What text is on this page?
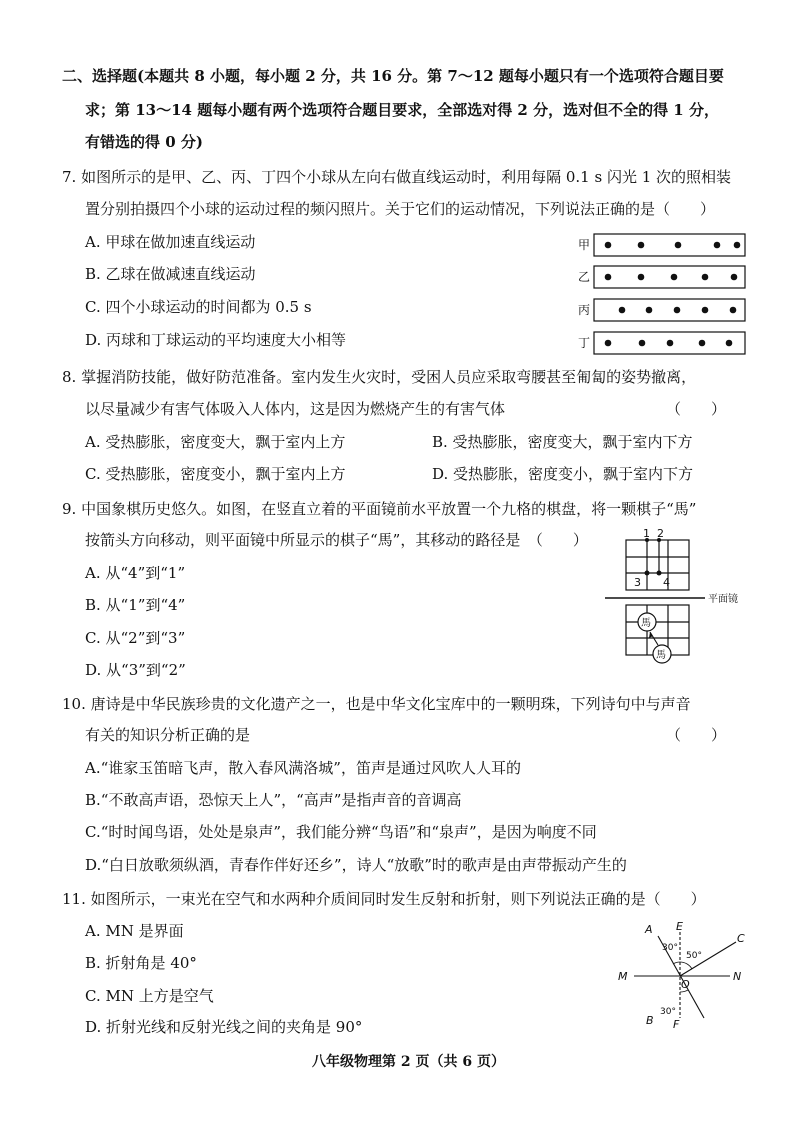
二、选择题(本题共 8 小题，每小题 2 分，共 16 分。第 7～12 题每小题只有一个选项符合题目要
求；第 13～14 题每小题有两个选项符合题目要求，全部选对得 2 分，选对但不全的得 1 分，
有错选的得 0 分)
7. 如图所示的是甲、乙、丙、丁四个小球从左向右做直线运动时，利用每隔 0.1 s 闪光 1 次的照相装
置分别拍摄四个小球的运动过程的频闪照片。关于它们的运动情况，下列说法正确的是（　　）
A. 甲球在做加速直线运动
B. 乙球在做减速直线运动
C. 四个小球运动的时间都为 0.5 s
D. 丙球和丁球运动的平均速度大小相等
甲
乙
丙
丁
8. 掌握消防技能，做好防范准备。室内发生火灾时，受困人员应采取弯腰甚至匍匐的姿势撤离，
以尽量减少有害气体吸入人体内，这是因为燃烧产生的有害气体	（　　）
A. 受热膨胀，密度变大，飘于室内上方	B. 受热膨胀，密度变大，飘于室内下方
C. 受热膨胀，密度变小，飘于室内上方	D. 受热膨胀，密度变小，飘于室内下方
9. 中国象棋历史悠久。如图，在竖直立着的平面镜前水平放置一个九格的棋盘，将一颗棋子“馬”
按箭头方向移动，则平面镜中所显示的棋子“馬”，其移动的路径是　（　　）
A. 从“4”到“1”
B. 从“1”到“4”
C. 从“2”到“3”
D. 从“3”到“2”
1 2
3 4
平面镜
馬
馬
10. 唐诗是中华民族珍贵的文化遗产之一，也是中华文化宝库中的一颗明珠，下列诗句中与声音
有关的知识分析正确的是	（　　）
A.“谁家玉笛暗飞声，散入春风满洛城”，笛声是通过风吹人人耳的
B.“不敢高声语，恐惊天上人”，“高声”是指声音的音调高
C.“时时闻鸟语，处处是泉声”，我们能分辨“鸟语”和“泉声”，是因为响度不同
D.“白日放歌须纵酒，青春作伴好还乡”，诗人“放歌”时的歌声是由声带振动产生的
11. 如图所示，一束光在空气和水两种介质间同时发生反射和折射，则下列说法正确的是（　　）
A. MN 是界面
B. 折射角是 40°
C. MN 上方是空气
D. 折射光线和反射光线之间的夹角是 90°
A E
C
M	N
O
B F
30°
50°
30°
八年级物理第 2 页（共 6 页）
